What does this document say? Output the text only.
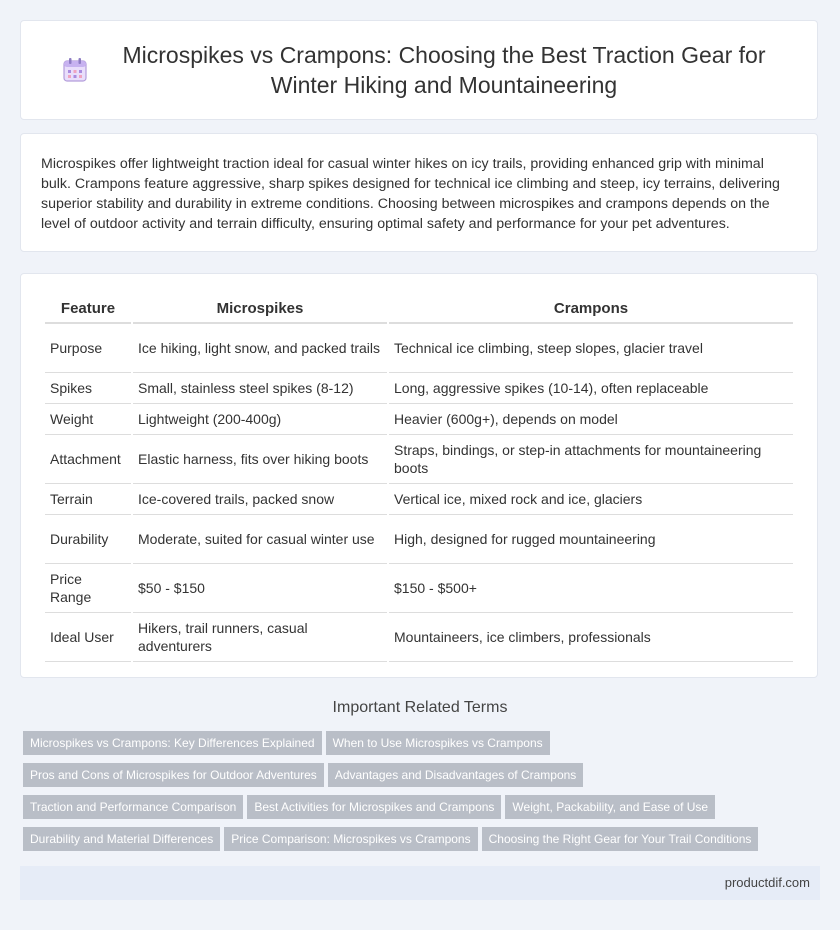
Microspikes vs Crampons: Choosing the Best Traction Gear for Winter Hiking and Mountaineering

Microspikes offer lightweight traction ideal for casual winter hikes on icy trails, providing enhanced grip with minimal bulk. Crampons feature aggressive, sharp spikes designed for technical ice climbing and steep, icy terrains, delivering superior stability and durability in extreme conditions. Choosing between microspikes and crampons depends on the level of outdoor activity and terrain difficulty, ensuring optimal safety and performance for your pet adventures.

Feature	Microspikes	Crampons
Purpose	Ice hiking, light snow, and packed trails	Technical ice climbing, steep slopes, glacier travel
Spikes	Small, stainless steel spikes (8-12)	Long, aggressive spikes (10-14), often replaceable
Weight	Lightweight (200-400g)	Heavier (600g+), depends on model
Attachment	Elastic harness, fits over hiking boots	Straps, bindings, or step-in attachments for mountaineering boots
Terrain	Ice-covered trails, packed snow	Vertical ice, mixed rock and ice, glaciers
Durability	Moderate, suited for casual winter use	High, designed for rugged mountaineering
Price Range	$50 - $150	$150 - $500+
Ideal User	Hikers, trail runners, casual adventurers	Mountaineers, ice climbers, professionals
Important Related Terms
Microspikes vs Crampons: Key Differences Explained When to Use Microspikes vs Crampons
Pros and Cons of Microspikes for Outdoor Adventures Advantages and Disadvantages of Crampons
Traction and Performance Comparison Best Activities for Microspikes and Crampons Weight, Packability, and Ease of Use
Durability and Material Differences Price Comparison: Microspikes vs Crampons Choosing the Right Gear for Your Trail Conditions
productdif.com
